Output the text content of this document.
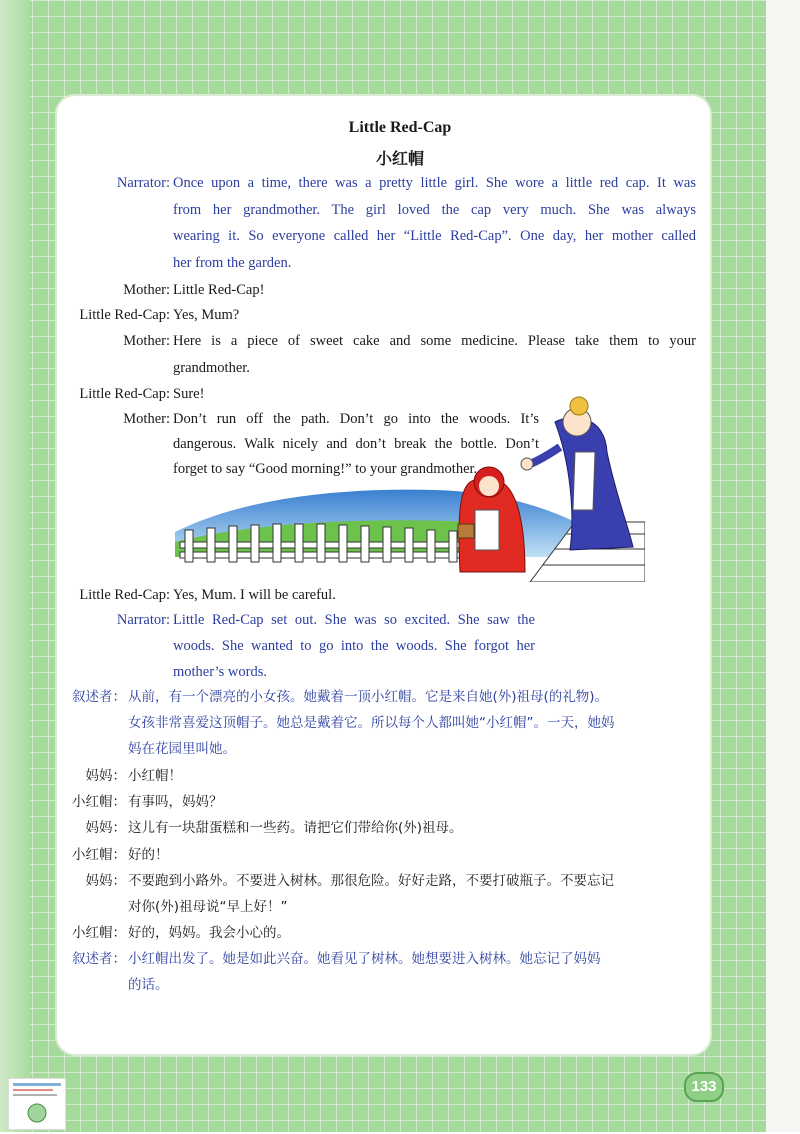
Little Red-Cap
小红帽
Narrator: Once upon a time, there was a pretty little girl. She wore a little red cap. It was
from her grandmother. The girl loved the cap very much. She was always
wearing it. So everyone called her “Little Red-Cap”. One day, her mother called
her from the garden.
Mother: Little Red-Cap!
Little Red-Cap: Yes, Mum?
Mother: Here is a piece of sweet cake and some medicine. Please take them to your
grandmother.
Little Red-Cap: Sure!
Mother: Don’t run off the path. Don’t go into the woods. It’s
dangerous. Walk nicely and don’t break the bottle. Don’t
forget to say “Good morning!” to your grandmother.
Little Red-Cap: Yes, Mum. I will be careful.
Narrator: Little Red-Cap set out. She was so excited. She saw the
woods. She wanted to go into the woods. She forgot her
mother’s words.
叙述者： 从前，有一个漂亮的小女孩。她戴着一顶小红帽。它是来自她(外)祖母(的礼物)。
女孩非常喜爱这顶帽子。她总是戴着它。所以每个人都叫她“小红帽”。一天，她妈
妈在花园里叫她。
妈妈： 小红帽！
小红帽： 有事吗，妈妈？
妈妈： 这儿有一块甜蛋糕和一些药。请把它们带给你(外)祖母。
小红帽： 好的！
妈妈： 不要跑到小路外。不要进入树林。那很危险。好好走路，不要打破瓶子。不要忘记
对你(外)祖母说“早上好！”
小红帽： 好的，妈妈。我会小心的。
叙述者： 小红帽出发了。她是如此兴奋。她看见了树林。她想要进入树林。她忘记了妈妈
的话。
133
